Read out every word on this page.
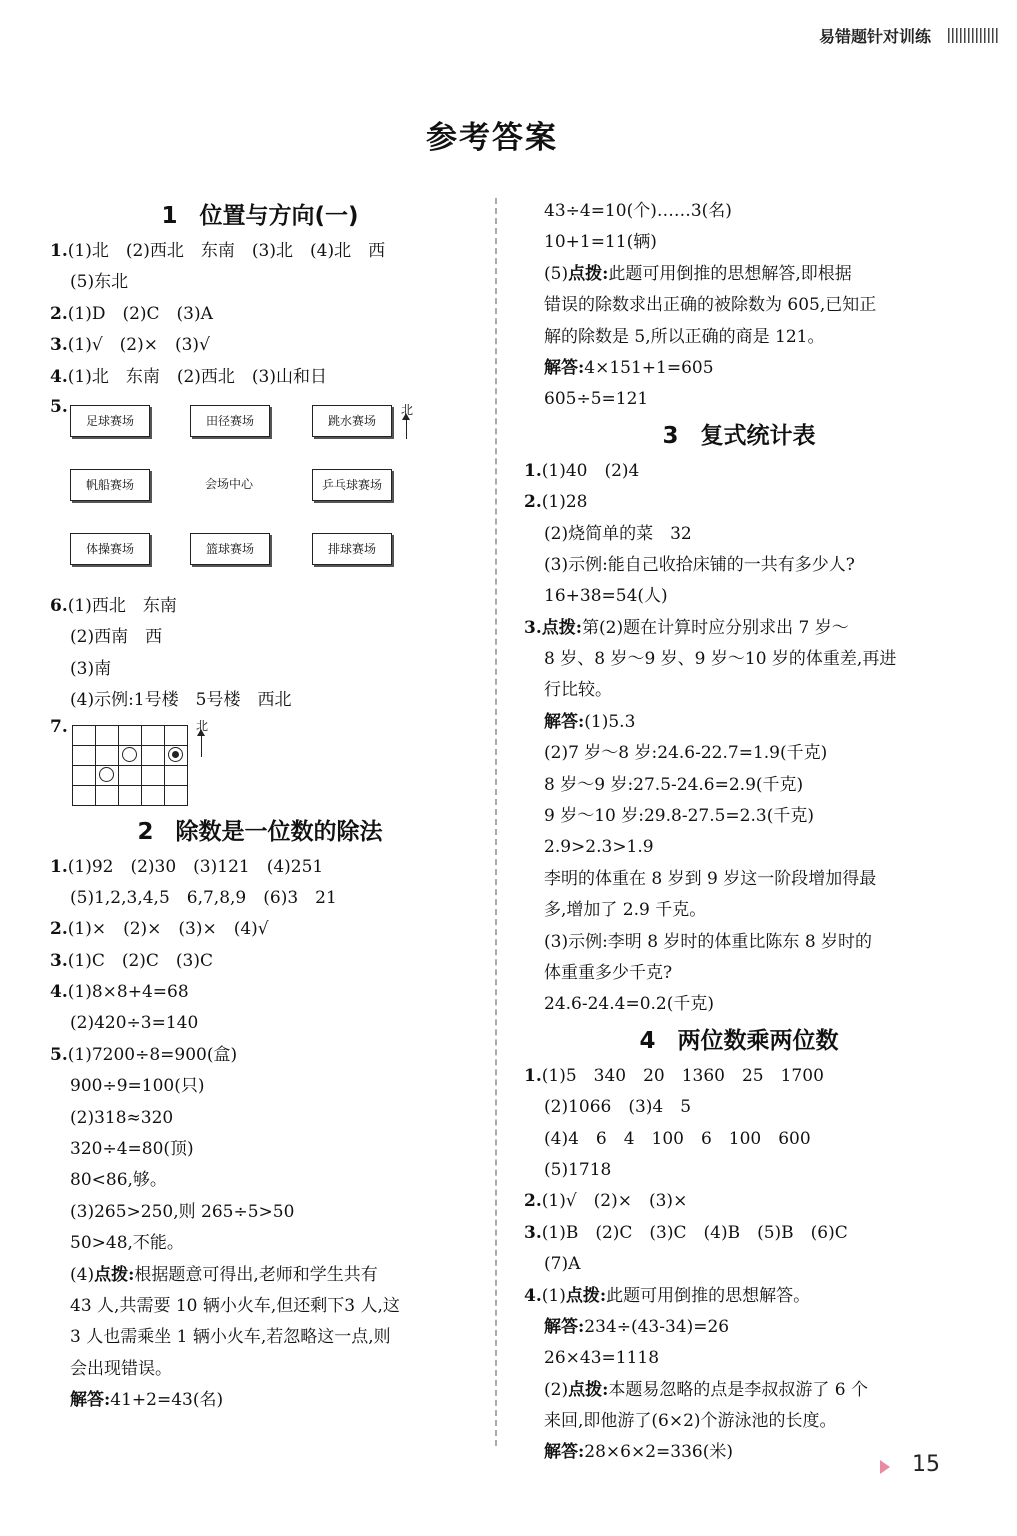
易错题针对训练
参考答案
1 位置与方向(一)
1.(1)北　(2)西北　东南　(3)北　(4)北　西
(5)东北
2.(1)D　(2)C　(3)A
3.(1)√　(2)×　(3)√
4.(1)北　东南　(2)西北　(3)山和日
5.
足球赛场	田径赛场	跳水赛场
北
帆船赛场	会场中心	乒乓球赛场
体操赛场	篮球赛场	排球赛场
6.(1)西北　东南
(2)西南　西
(3)南
(4)示例:1号楼　5号楼　西北
7.

					北
2 除数是一位数的除法
1.(1)92　(2)30　(3)121　(4)251
(5)1,2,3,4,5　6,7,8,9　(6)3　21
2.(1)×　(2)×　(3)×　(4)√
3.(1)C　(2)C　(3)C
4.(1)8×8+4=68
(2)420÷3=140
5.(1)7200÷8=900(盒)
900÷9=100(只)
(2)318≈320
320÷4=80(顶)
80<86,够。
(3)265>250,则 265÷5>50
50>48,不能。
(4)点拨:根据题意可得出,老师和学生共有
43 人,共需要 10 辆小火车,但还剩下3 人,这
3 人也需乘坐 1 辆小火车,若忽略这一点,则
会出现错误。
解答:41+2=43(名)
43÷4=10(个)……3(名)
10+1=11(辆)
(5)点拨:此题可用倒推的思想解答,即根据
错误的除数求出正确的被除数为 605,已知正
解的除数是 5,所以正确的商是 121。
解答:4×151+1=605
605÷5=121
3 复式统计表
1.(1)40　(2)4
2.(1)28
(2)烧简单的菜　32
(3)示例:能自己收拾床铺的一共有多少人?
16+38=54(人)
3.点拨:第(2)题在计算时应分别求出 7 岁～
8 岁、8 岁～9 岁、9 岁～10 岁的体重差,再进
行比较。
解答:(1)5.3
(2)7 岁～8 岁:24.6-22.7=1.9(千克)
8 岁～9 岁:27.5-24.6=2.9(千克)
9 岁～10 岁:29.8-27.5=2.3(千克)
2.9>2.3>1.9
李明的体重在 8 岁到 9 岁这一阶段增加得最
多,增加了 2.9 千克。
(3)示例:李明 8 岁时的体重比陈东 8 岁时的
体重重多少千克?
24.6-24.4=0.2(千克)
4 两位数乘两位数
1.(1)5　340　20　1360　25　1700
(2)1066　(3)4　5
(4)4　6　4　100　6　100　600
(5)1718
2.(1)√　(2)×　(3)×
3.(1)B　(2)C　(3)C　(4)B　(5)B　(6)C
(7)A
4.(1)点拨:此题可用倒推的思想解答。
解答:234÷(43-34)=26
26×43=1118
(2)点拨:本题易忽略的点是李叔叔游了 6 个
来回,即他游了(6×2)个游泳池的长度。
解答:28×6×2=336(米)	15
